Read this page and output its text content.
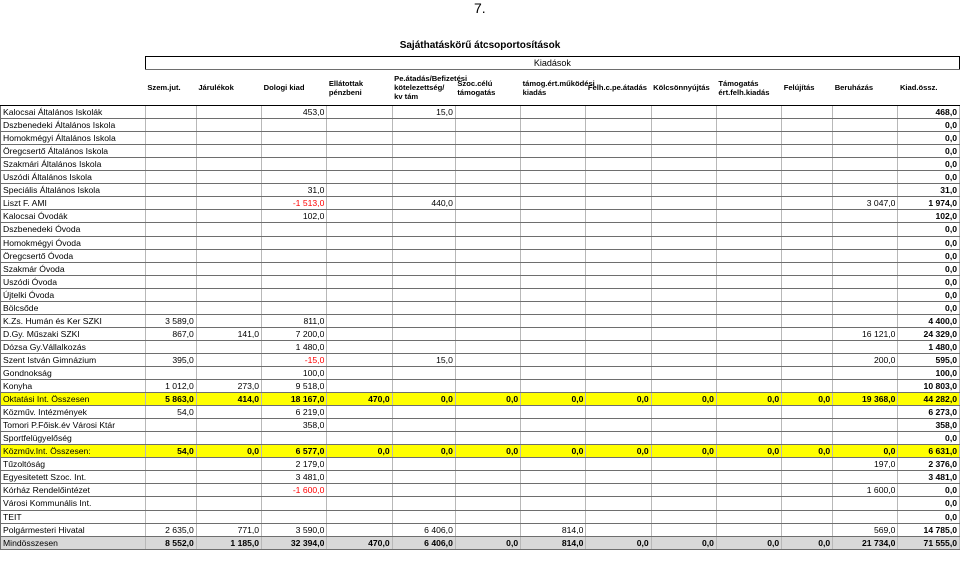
7.
Sajáthatáskörű átcsoportosítások
	Kiadások												
	Szem.jut.	Járulékok	Dologi kiad	Ellátottak pénzbeni	Pe.átadás/Befizetési kötelezettség/ kv tám	Szoc.célú támogatás	támog.ért.működési kiadás	Felh.c.pe.átadás	Kölcsönnyújtás	Támogatás ért.felh.kiadás	Felújítás	Beruházás	Kiad.össz.
Kalocsai Általános Iskolák			453,0		15,0								468,0
Dszbenedeki Általános Iskola													0,0
Homokmégyi Általános Iskola													0,0
Öregcsertő Általános Iskola													0,0
Szakmári Általános Iskola													0,0
Uszódi Általános Iskola													0,0
Speciális Általános Iskola			31,0										31,0
Liszt F. AMI			-1 513,0		440,0							3 047,0	1 974,0
Kalocsai Óvodák			102,0										102,0
Dszbenedeki Óvoda													0,0
Homokmégyi Óvoda													0,0
Öregcsertő Óvoda													0,0
Szakmár Óvoda													0,0
Uszódi Óvoda													0,0
Újtelki Óvoda													0,0
Bölcsőde													0,0
K.Zs. Humán és Ker SZKI	3 589,0		811,0										4 400,0
D.Gy. Műszaki SZKI	867,0	141,0	7 200,0									16 121,0	24 329,0
Dózsa Gy.Vállalkozás			1 480,0										1 480,0
Szent István Gimnázium	395,0		-15,0		15,0							200,0	595,0
Gondnokság			100,0										100,0
Konyha	1 012,0	273,0	9 518,0										10 803,0
Oktatási Int. Összesen	5 863,0	414,0	18 167,0	470,0	0,0	0,0	0,0	0,0	0,0	0,0	0,0	19 368,0	44 282,0
Közműv. Intézmények	54,0		6 219,0										6 273,0
Tomori P.Főisk.év Városi Ktár			358,0										358,0
Sportfelügyelőség													0,0
Közműv.Int. Összesen:	54,0	0,0	6 577,0	0,0	0,0	0,0	0,0	0,0	0,0	0,0	0,0	0,0	6 631,0
Tűzoltóság			2 179,0									197,0	2 376,0
Egyesitetett Szoc. Int.			3 481,0										3 481,0
Kórház Rendelőintézet			-1 600,0									1 600,0	0,0
Városi Kommunális Int.													0,0
TEIT													0,0
Polgármesteri Hivatal	2 635,0	771,0	3 590,0		6 406,0		814,0					569,0	14 785,0
Mindösszesen	8 552,0	1 185,0	32 394,0	470,0	6 406,0	0,0	814,0	0,0	0,0	0,0	0,0	21 734,0	71 555,0
